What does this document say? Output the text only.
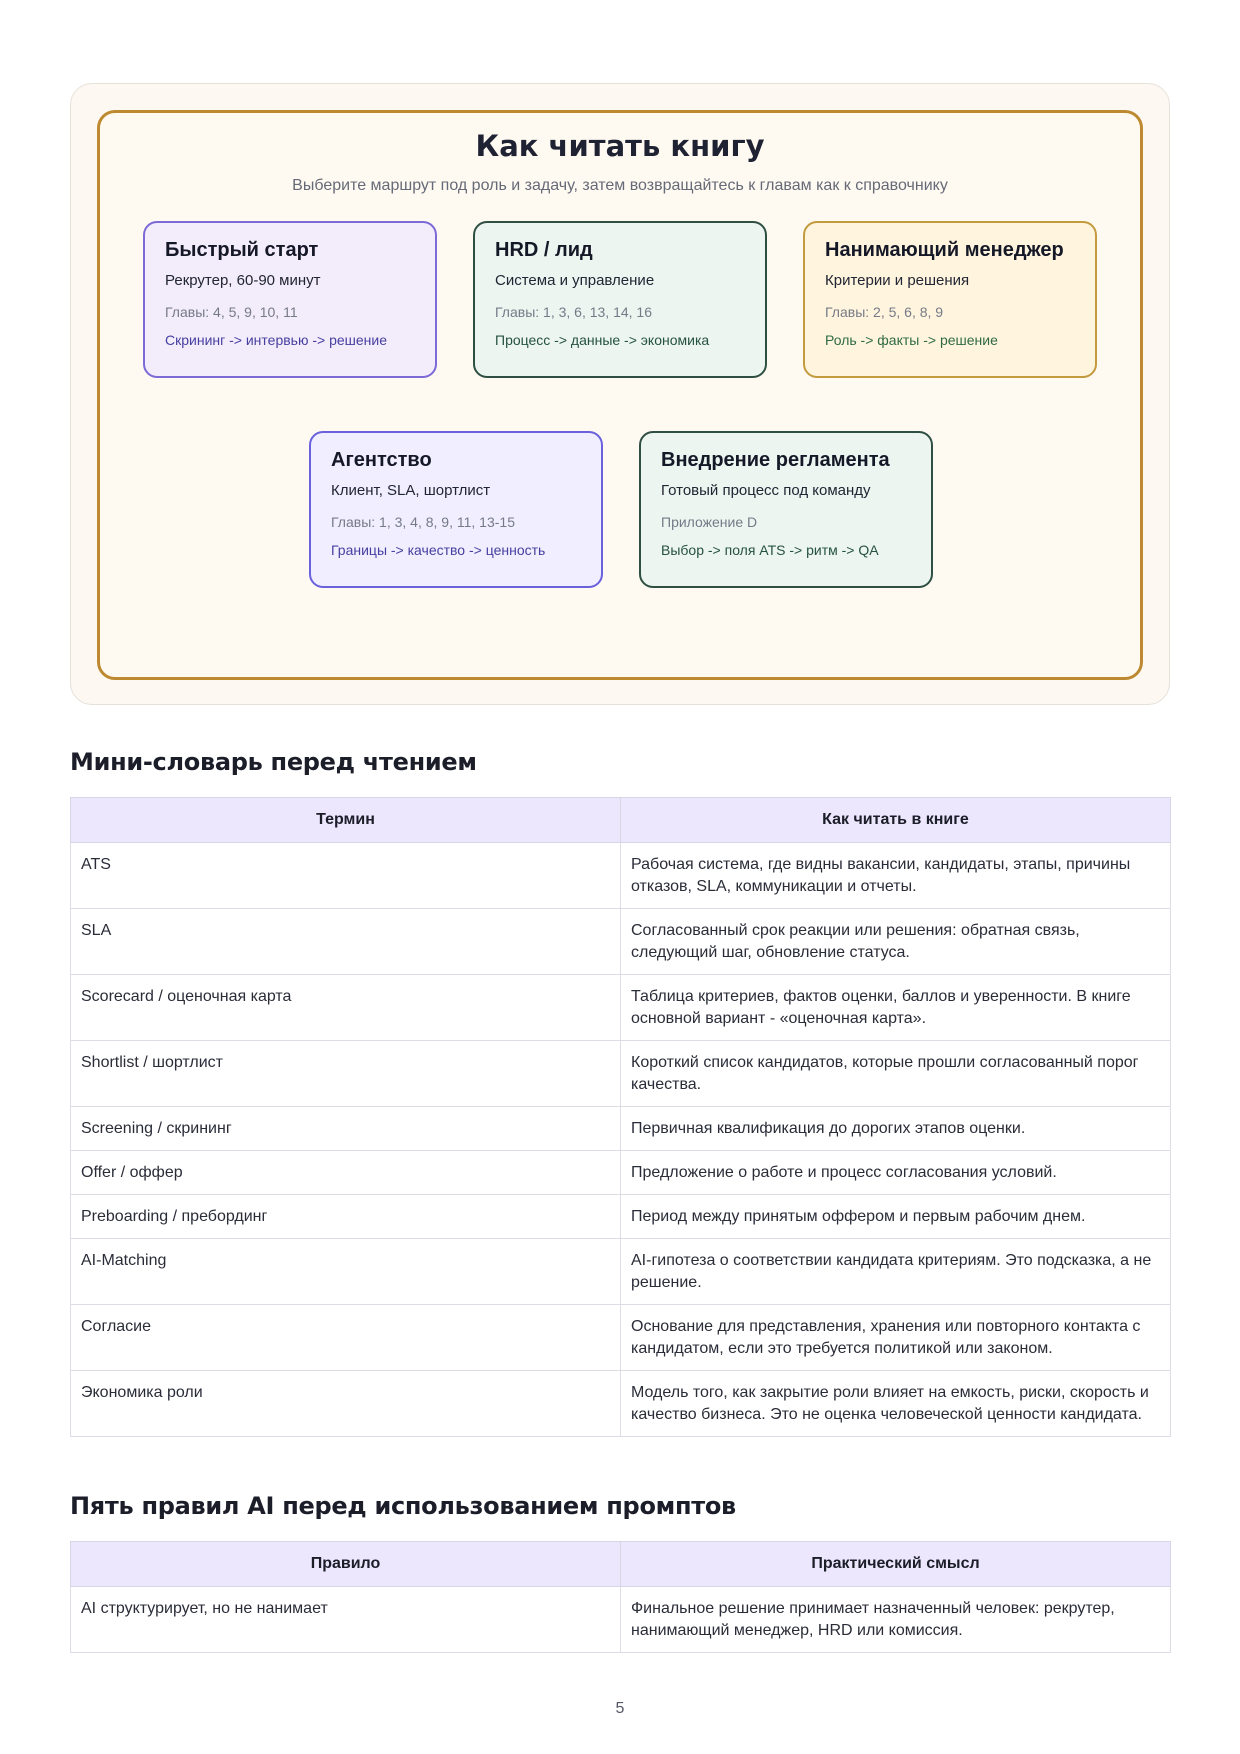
Как читать книгу
Выберите маршрут под роль и задачу, затем возвращайтесь к главам как к справочнику
Быстрый старт
Рекрутер, 60-90 минут
Главы: 4, 5, 9, 10, 11
Скрининг -> интервью -> решение
HRD / лид
Система и управление
Главы: 1, 3, 6, 13, 14, 16
Процесс -> данные -> экономика
Нанимающий менеджер
Критерии и решения
Главы: 2, 5, 6, 8, 9
Роль -> факты -> решение
Агентство
Клиент, SLA, шортлист
Главы: 1, 3, 4, 8, 9, 11, 13-15
Границы -> качество -> ценность
Внедрение регламента
Готовый процесс под команду
Приложение D
Выбор -> поля ATS -> ритм -> QA
Мини-словарь перед чтением
Термин	Как читать в книге
ATS	Рабочая система, где видны вакансии, кандидаты, этапы, причины отказов, SLA, коммуникации и отчеты.
SLA	Согласованный срок реакции или решения: обратная связь, следующий шаг, обновление статуса.
Scorecard / оценочная карта	Таблица критериев, фактов оценки, баллов и уверенности. В книге основной вариант - «оценочная карта».
Shortlist / шортлист	Короткий список кандидатов, которые прошли согласованный порог качества.
Screening / скрининг	Первичная квалификация до дорогих этапов оценки.
Offer / оффер	Предложение о работе и процесс согласования условий.
Preboarding / пребординг	Период между принятым оффером и первым рабочим днем.
AI-Matching	AI-гипотеза о соответствии кандидата критериям. Это подсказка, а не решение.
Согласие	Основание для представления, хранения или повторного контакта с кандидатом, если это требуется политикой или законом.
Экономика роли	Модель того, как закрытие роли влияет на емкость, риски, скорость и качество бизнеса. Это не оценка человеческой ценности кандидата.
Пять правил AI перед использованием промптов
Правило	Практический смысл
AI структурирует, но не нанимает	Финальное решение принимает назначенный человек: рекрутер, нанимающий менеджер, HRD или комиссия.
5
